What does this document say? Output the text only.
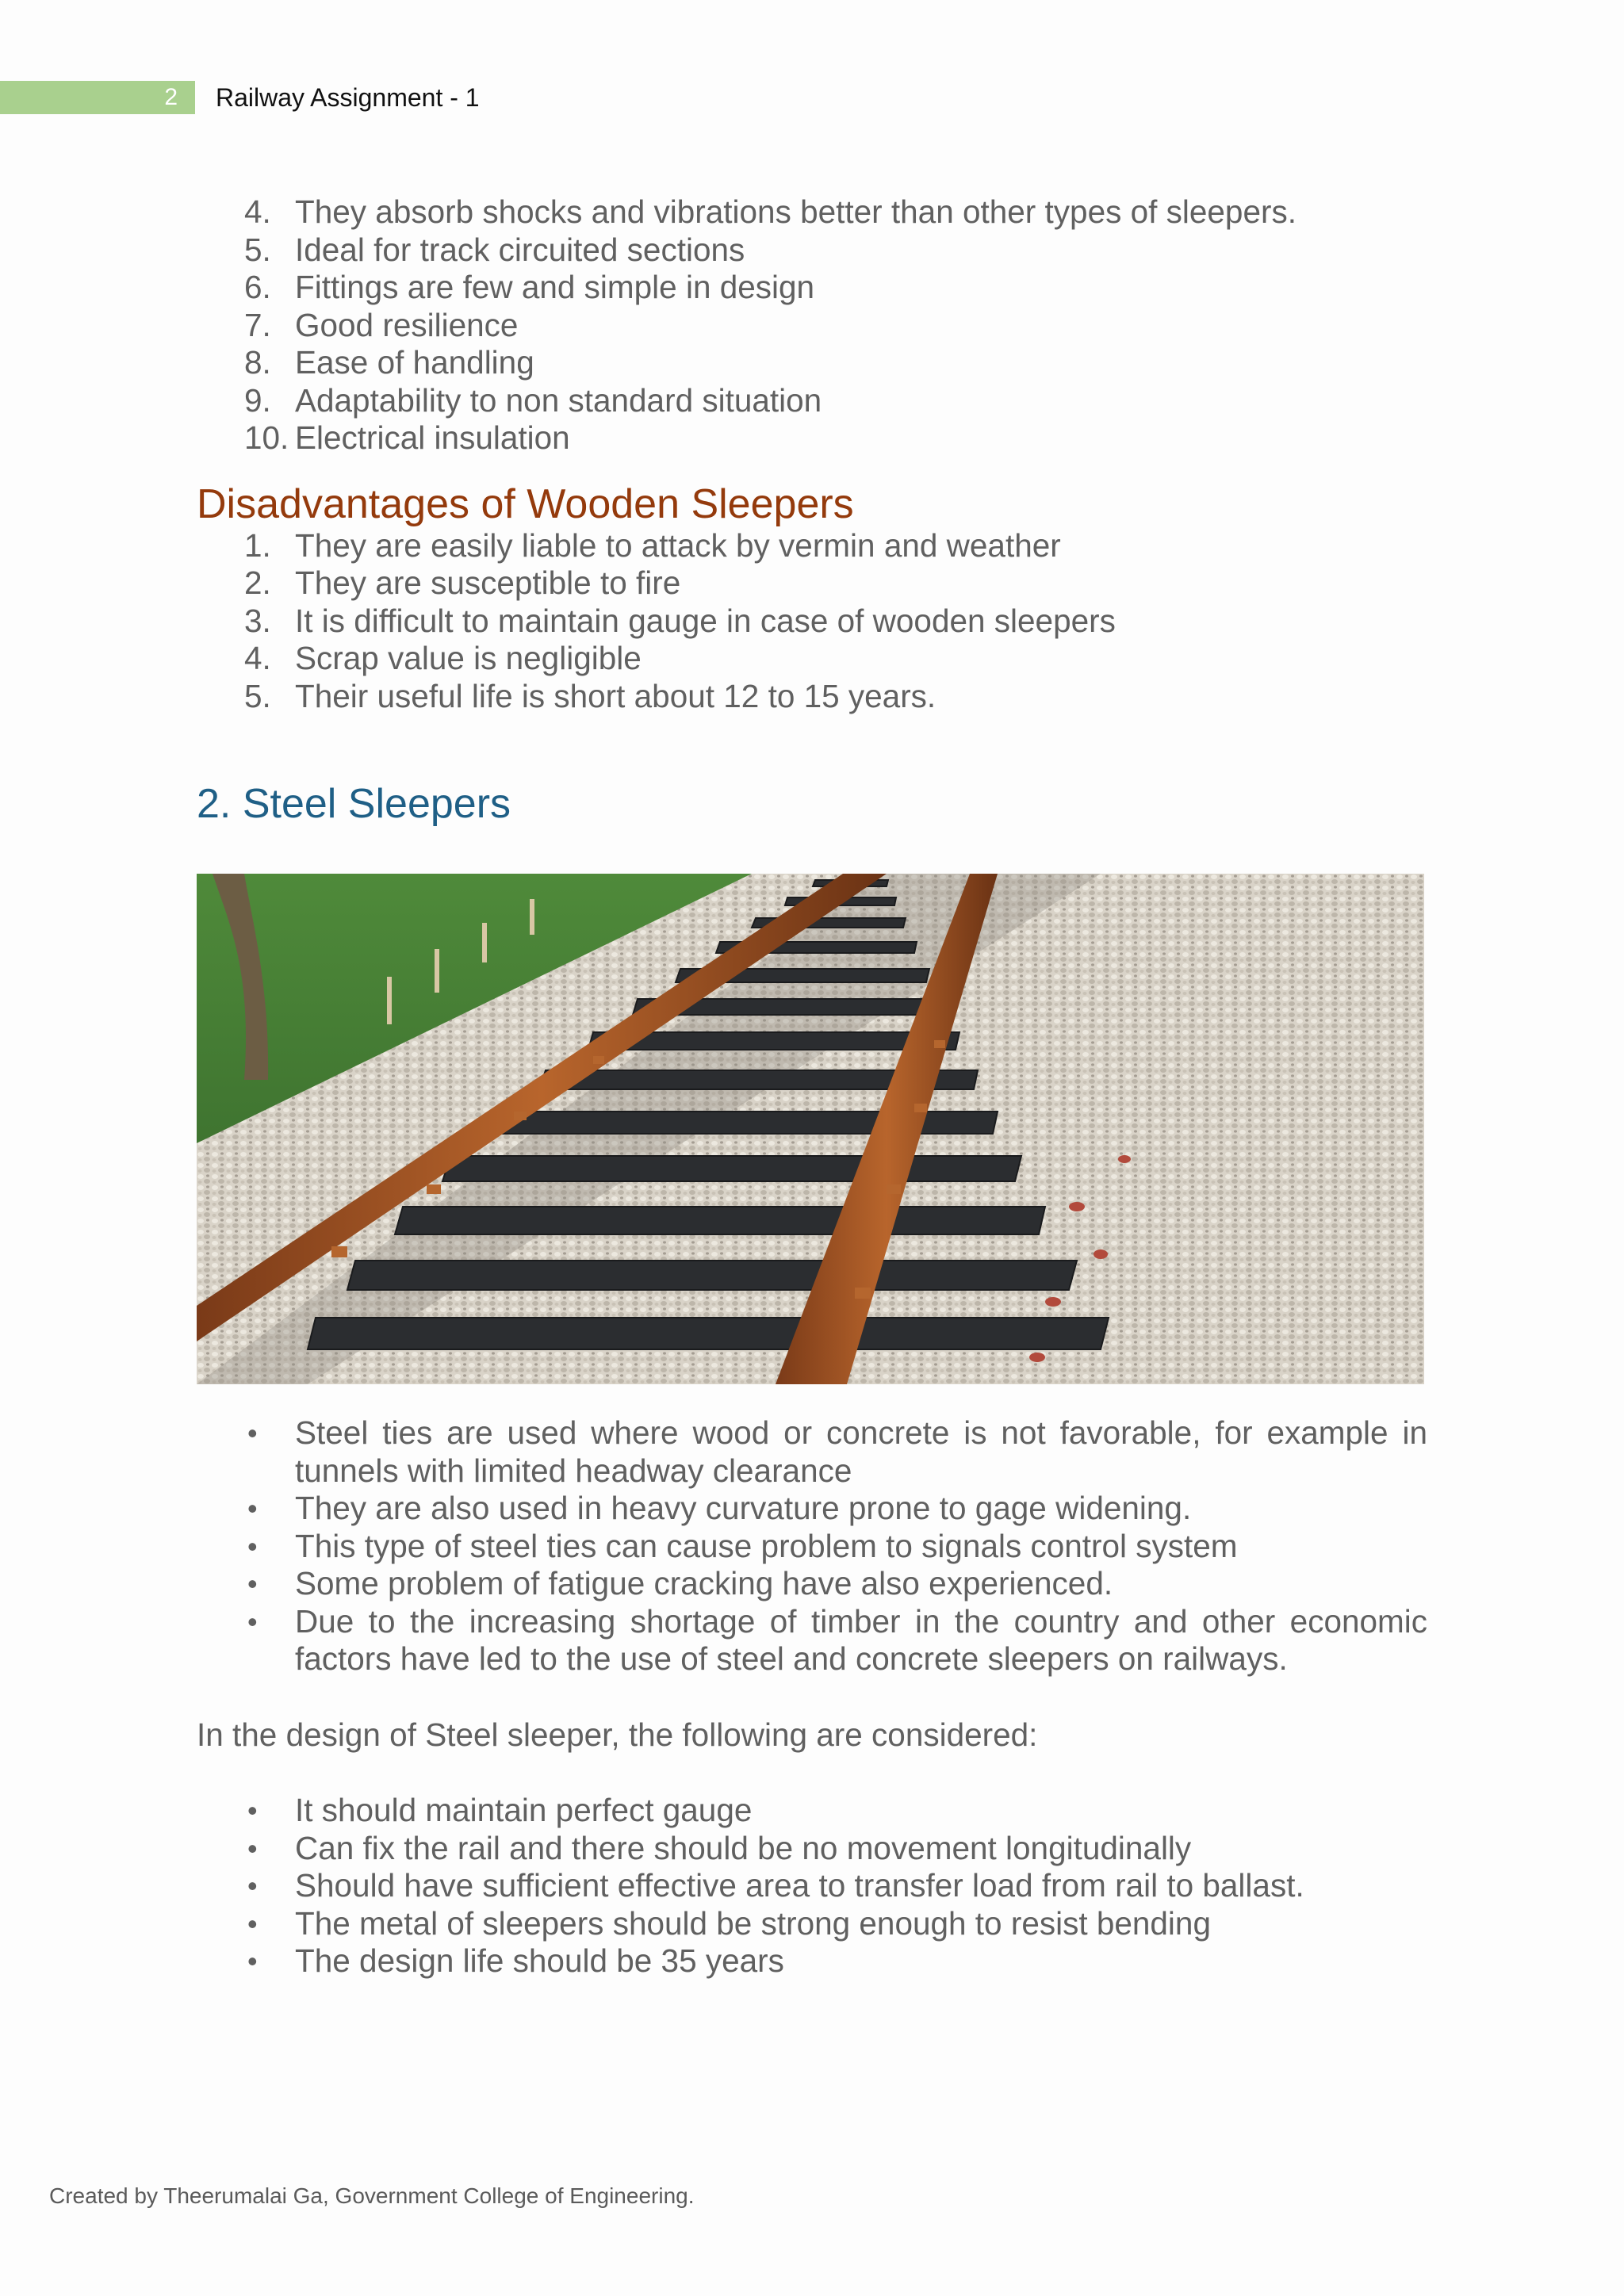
2 Railway Assignment - 1
4. They absorb shocks and vibrations better than other types of sleepers.
5. Ideal for track circuited sections
6. Fittings are few and simple in design
7. Good resilience
8. Ease of handling
9. Adaptability to non standard situation
10. Electrical insulation
Disadvantages of Wooden Sleepers
1. They are easily liable to attack by vermin and weather
2. They are susceptible to fire
3. It is difficult to maintain gauge in case of wooden sleepers
4. Scrap value is negligible
5. Their useful life is short about 12 to 15 years.
2. Steel Sleepers
• Steel ties are used where wood or concrete is not favorable, for example in tunnels with limited headway clearance
• They are also used in heavy curvature prone to gage widening.
• This type of steel ties can cause problem to signals control system
• Some problem of fatigue cracking have also experienced.
• Due to the increasing shortage of timber in the country and other economic factors have led to the use of steel and concrete sleepers on railways.

In the design of Steel sleeper, the following are considered:

• It should maintain perfect gauge
• Can fix the rail and there should be no movement longitudinally
• Should have sufficient effective area to transfer load from rail to ballast.
• The metal of sleepers should be strong enough to resist bending
• The design life should be 35 years
Created by Theerumalai Ga, Government College of Engineering.
